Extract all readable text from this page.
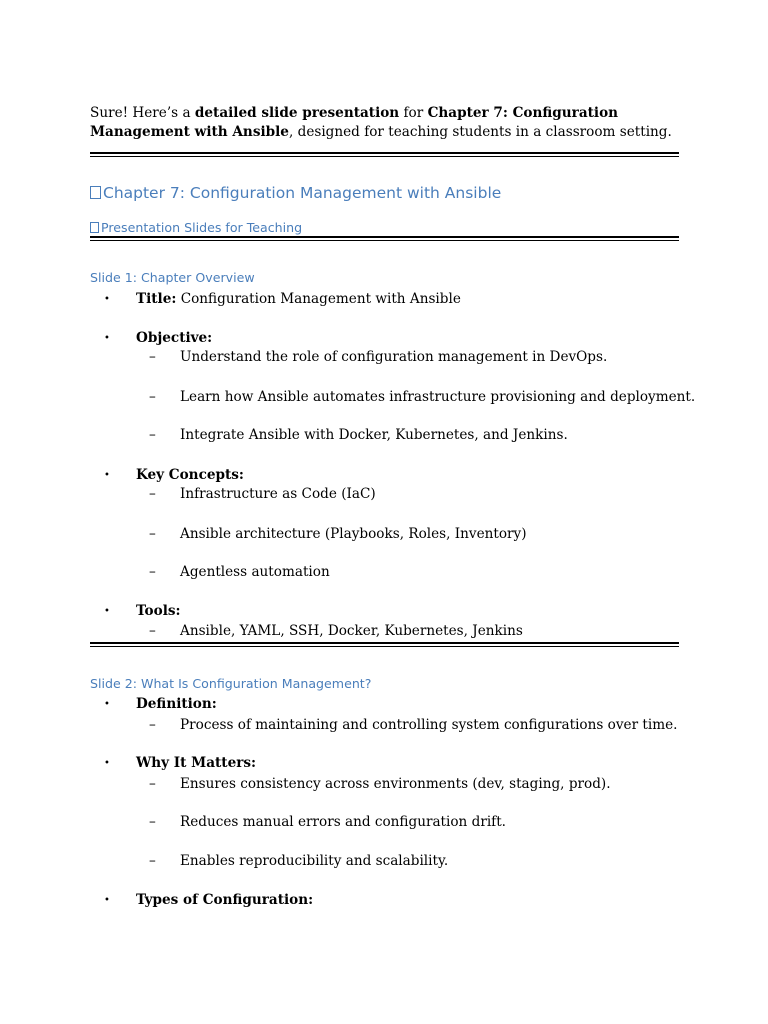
Sure! Here’s a detailed slide presentation for Chapter 7: Configuration Management with Ansible, designed for teaching students in a classroom setting.
Chapter 7: Configuration Management with Ansible
Presentation Slides for Teaching
Slide 1: Chapter Overview
• Title: Configuration Management with Ansible
• Objective:
– Understand the role of configuration management in DevOps.
– Learn how Ansible automates infrastructure provisioning and deployment.
– Integrate Ansible with Docker, Kubernetes, and Jenkins.
• Key Concepts:
– Infrastructure as Code (IaC)
– Ansible architecture (Playbooks, Roles, Inventory)
– Agentless automation
• Tools:
– Ansible, YAML, SSH, Docker, Kubernetes, Jenkins
Slide 2: What Is Configuration Management?
• Definition:
– Process of maintaining and controlling system configurations over time.
• Why It Matters:
– Ensures consistency across environments (dev, staging, prod).
– Reduces manual errors and configuration drift.
– Enables reproducibility and scalability.
• Types of Configuration:
